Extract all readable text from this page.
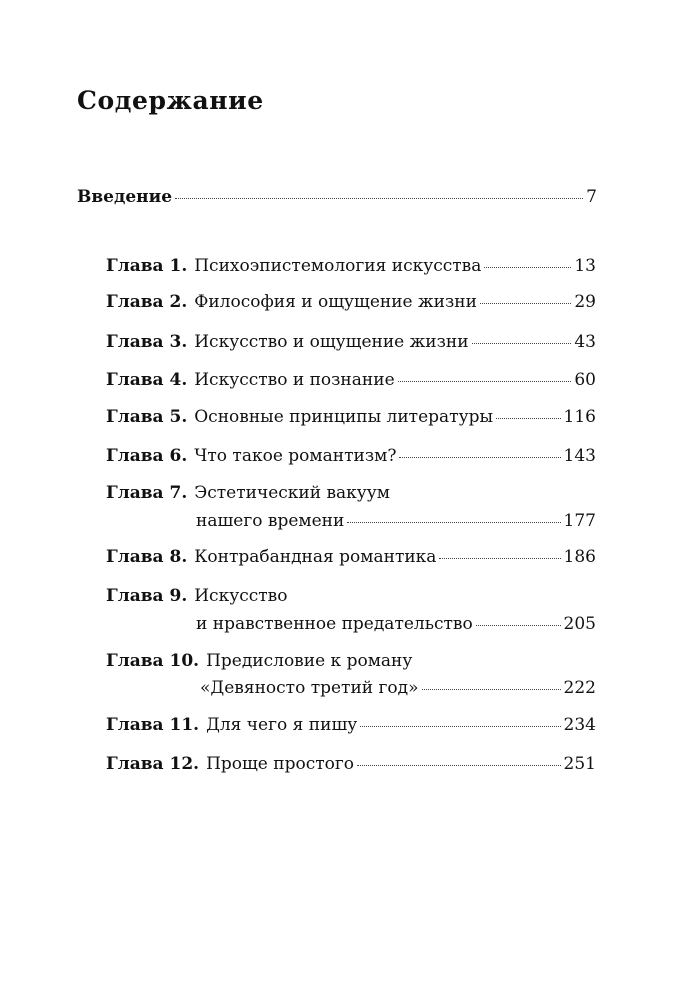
Содержание
Введение	7
Глава 1. Психоэпистемология искусства	13
Глава 2. Философия и ощущение жизни	29
Глава 3. Искусство и ощущение жизни	43
Глава 4. Искусство и познание	60
Глава 5. Основные принципы литературы	116
Глава 6. Что такое романтизм?	143
Глава 7. Эстетический вакуум
нашего времени	177
Глава 8. Контрабандная романтика	186
Глава 9. Искусство
и нравственное предательство	205
Глава 10. Предисловие к роману
«Девяносто третий год»	222
Глава 11. Для чего я пишу	234
Глава 12. Проще простого	251
